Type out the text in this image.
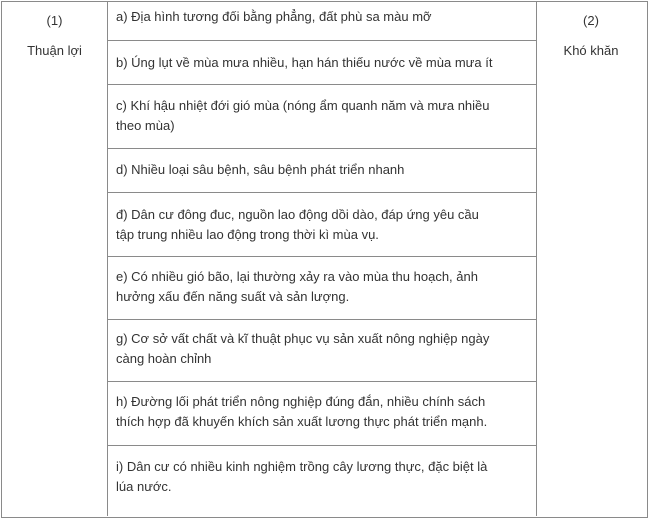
(1)
Thuận lợi
a) Địa hình tương đối bằng phẳng, đất phù sa màu mỡ
b) Úng lụt về mùa mưa nhiều, hạn hán thiếu nước về mùa mưa ít
c) Khí hậu nhiệt đới gió mùa (nóng ẩm quanh năm và mưa nhiều
theo mùa)
d) Nhiều loại sâu bệnh, sâu bệnh phát triển nhanh
đ) Dân cư đông đuc, nguồn lao động dồi dào, đáp ứng yêu cầu
tập trung nhiều lao động trong thời kì mùa vụ.
e) Có nhiều gió bão, lại thường xảy ra vào mùa thu hoạch, ảnh
hưởng xấu đến năng suất và sản lượng.
g) Cơ sở vất chất và kĩ thuật phục vụ sản xuất nông nghiệp ngày
càng hoàn chỉnh
h) Đường lối phát triển nông nghiệp đúng đắn, nhiều chính sách
thích hợp đã khuyến khích sản xuất lương thực phát triển mạnh.
i) Dân cư có nhiều kinh nghiệm trồng cây lương thực, đặc biệt là
lúa nước.
(2)
Khó khăn
